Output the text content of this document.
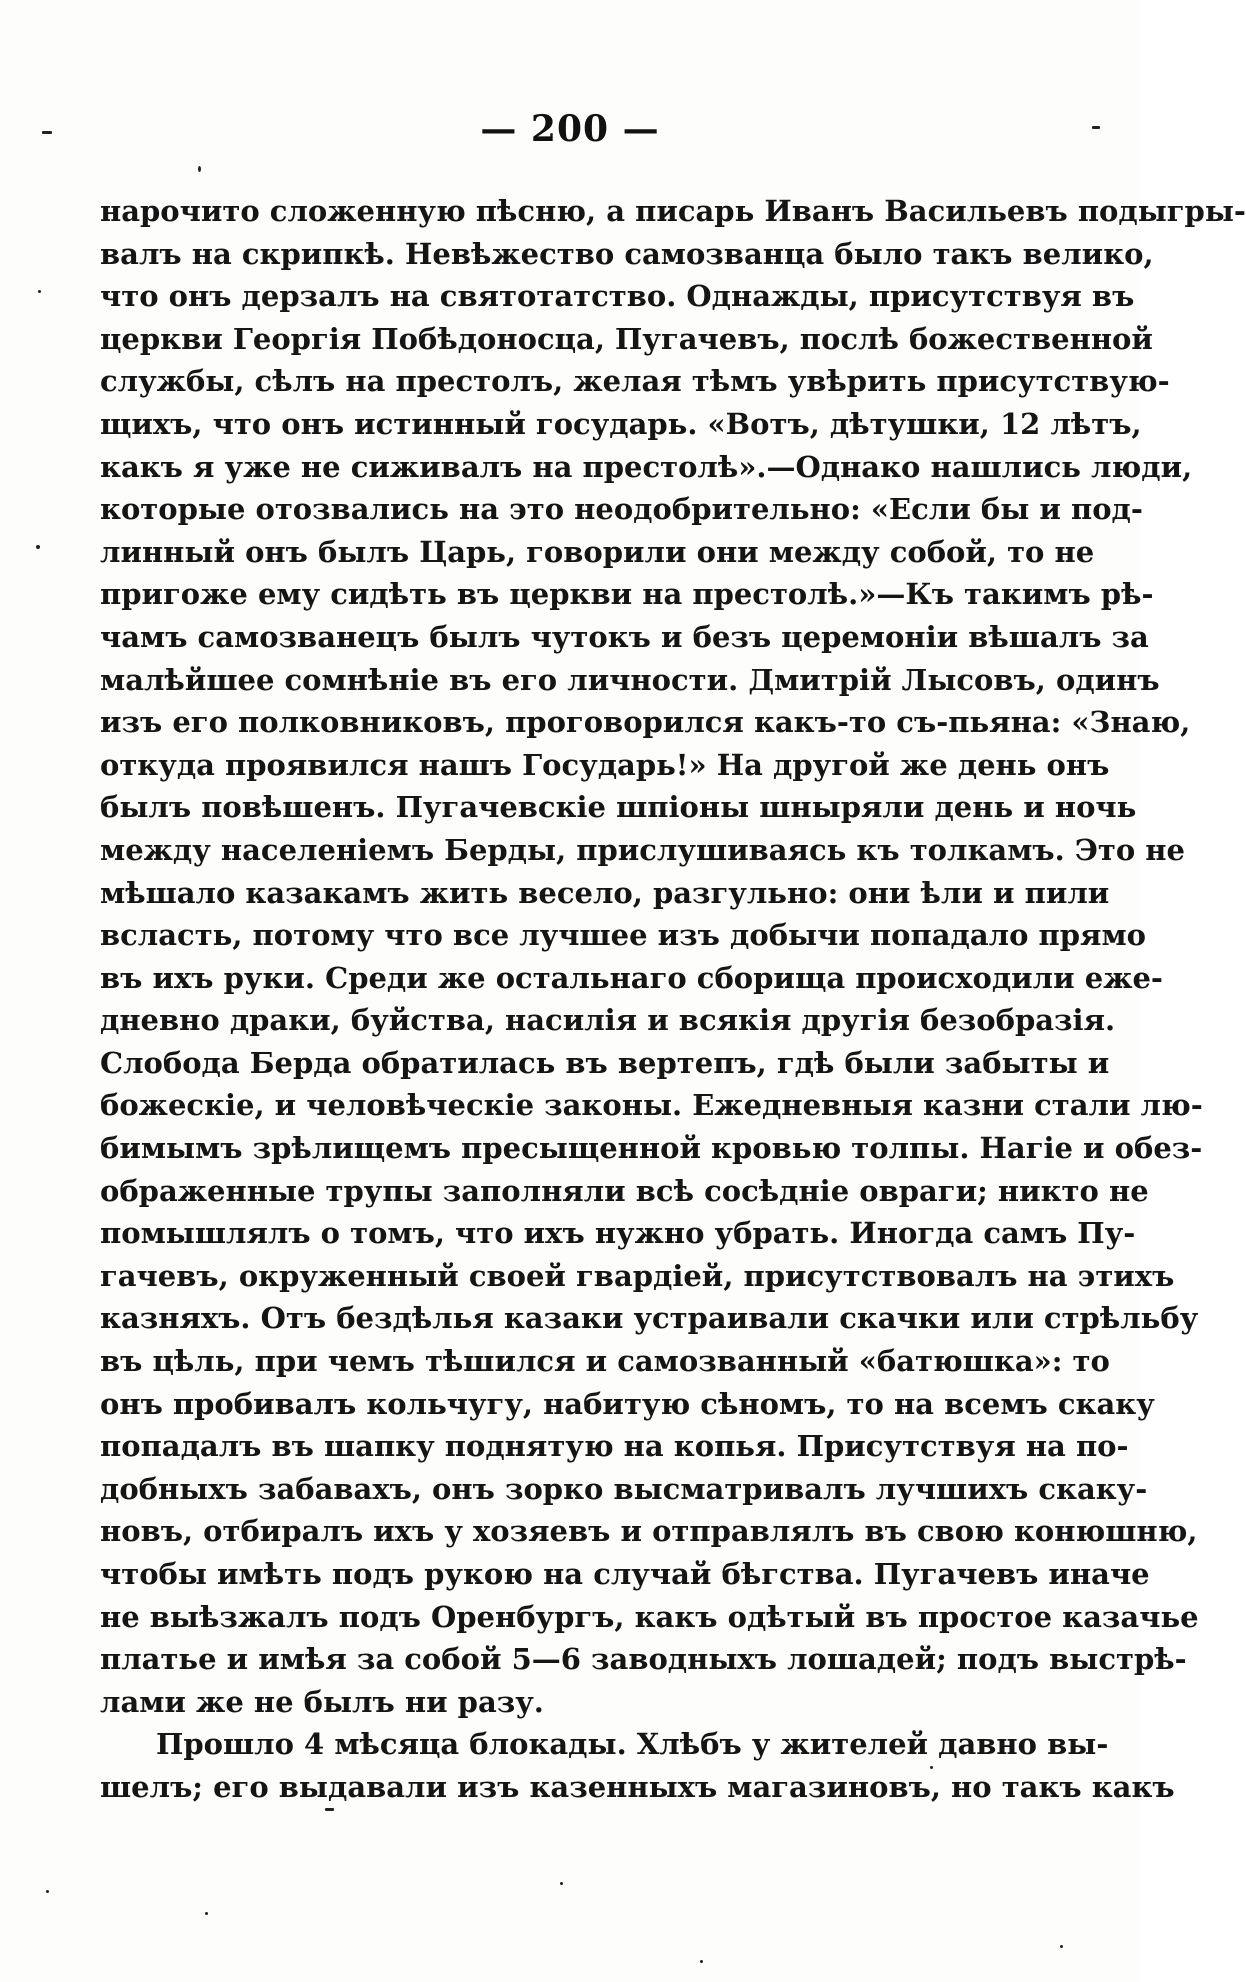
— 200 —
нарочито сложенную пѣсню, а писарь Иванъ Васильевъ подыгры-
валъ на скрипкѣ. Невѣжество самозванца было такъ велико,
что онъ дерзалъ на святотатство. Однажды, присутствуя въ
церкви Георгія Побѣдоносца, Пугачевъ, послѣ божественной
службы, сѣлъ на престолъ, желая тѣмъ увѣрить присутствую-
щихъ, что онъ истинный государь. «Вотъ, дѣтушки, 12 лѣтъ,
какъ я уже не сиживалъ на престолѣ».—Однако нашлись люди,
которые отозвались на это неодобрительно: «Если бы и под-
линный онъ былъ Царь, говорили они между собой, то не
пригоже ему сидѣть въ церкви на престолѣ.»—Къ такимъ рѣ-
чамъ самозванецъ былъ чутокъ и безъ церемоніи вѣшалъ за
малѣйшее сомнѣніе въ его личности. Дмитрій Лысовъ, одинъ
изъ его полковниковъ, проговорился какъ-то съ-пьяна: «Знаю,
откуда проявился нашъ Государь!» На другой же день онъ
былъ повѣшенъ. Пугачевскіе шпіоны шныряли день и ночь
между населеніемъ Берды, прислушиваясь къ толкамъ. Это не
мѣшало казакамъ жить весело, разгульно: они ѣли и пили
всласть, потому что все лучшее изъ добычи попадало прямо
въ ихъ руки. Среди же остальнаго сборища происходили ежe-
дневно драки, буйства, насилія и всякія другія безобразія.
Слобода Берда обратилась въ вертепъ, гдѣ были забыты и
божескіе, и человѣческіе законы. Ежедневныя казни стали лю-
бимымъ зрѣлищемъ пресыщенной кровью толпы. Нагіе и обез-
ображенные трупы заполняли всѣ сосѣдніе овраги; никто не
помышлялъ о томъ, что ихъ нужно убрать. Иногда самъ Пу-
гачевъ, окруженный своей гвардіей, присутствовалъ на этихъ
казняхъ. Отъ бездѣлья казаки устраивали скачки или стрѣльбу
въ цѣль, при чемъ тѣшился и самозванный «батюшка»: то
онъ пробивалъ кольчугу, набитую сѣномъ, то на всемъ скаку
попадалъ въ шапку поднятую на копья. Присутствуя на по-
добныхъ забавахъ, онъ зорко высматривалъ лучшихъ скаку-
новъ, отбиралъ ихъ у хозяевъ и отправлялъ въ свою конюшню,
чтобы имѣть подъ рукою на случай бѣгства. Пугачевъ иначе
не выѣзжалъ подъ Оренбургъ, какъ одѣтый въ простое казачье
платье и имѣя за собой 5—6 заводныхъ лошадей; подъ выстрѣ-
лами же не былъ ни разу.
Прошло 4 мѣсяца блокады. Хлѣбъ у жителей давно вы-
шелъ; его выдавали изъ казенныхъ магазиновъ, но такъ какъ
